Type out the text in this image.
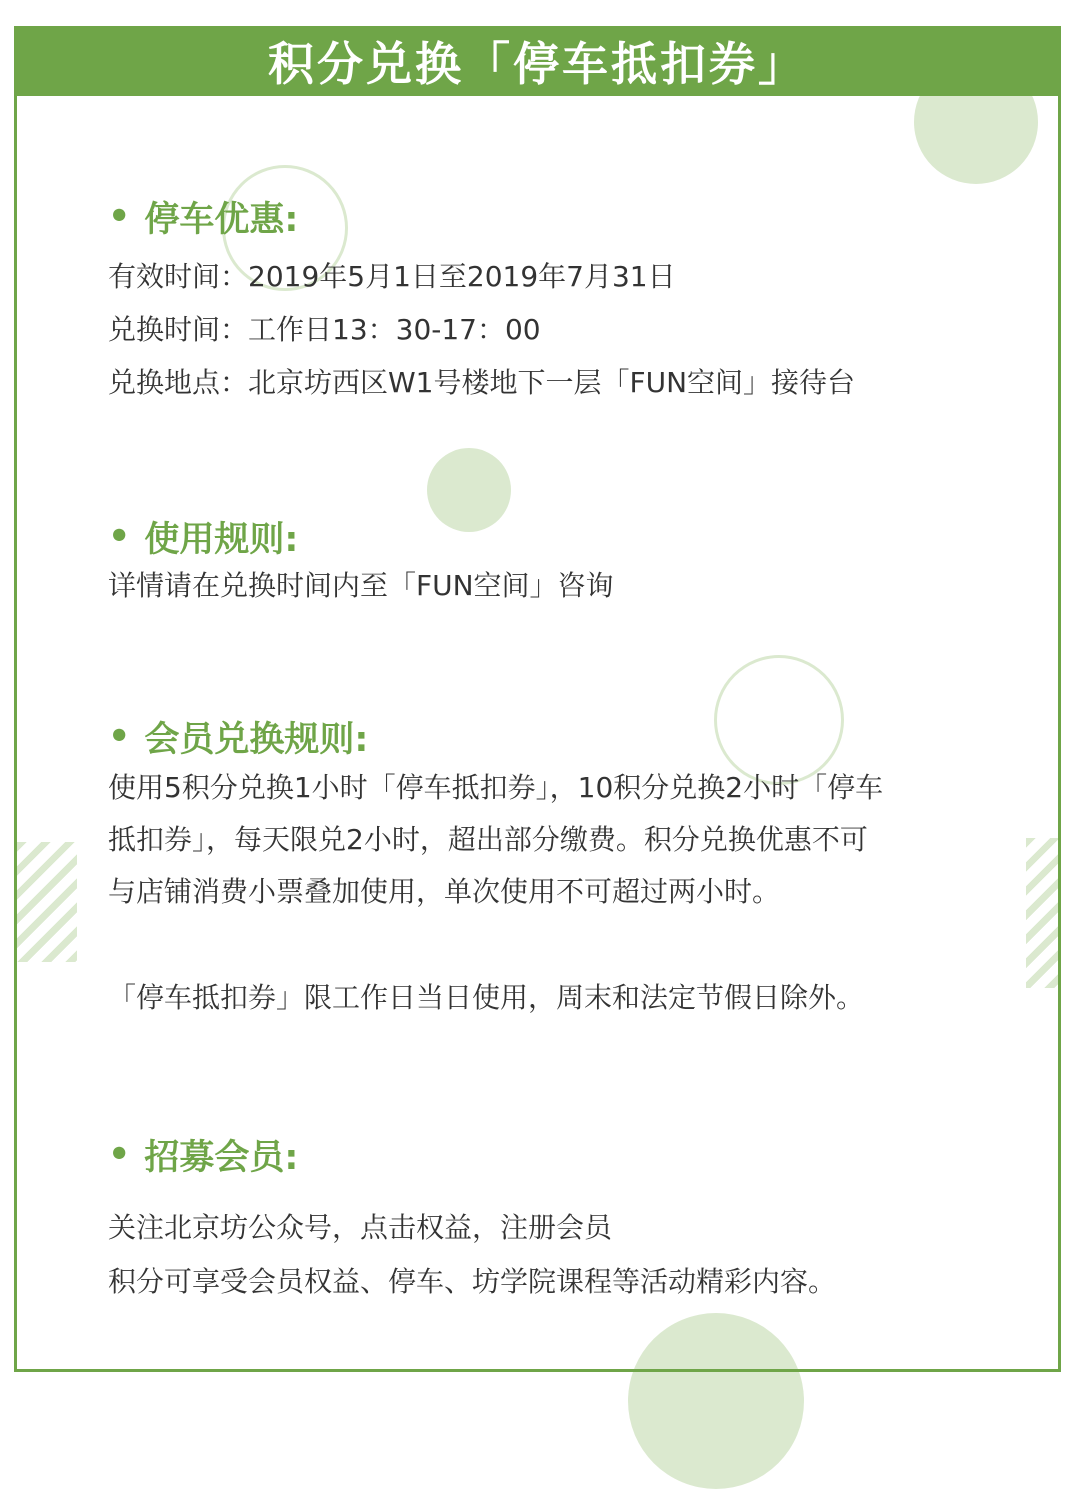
积分兑换「停车抵扣券」
• 停车优惠:
有效时间：2019年5月1日至2019年7月31日
兑换时间：工作日13：30-17：00
兑换地点：北京坊西区W1号楼地下一层「FUN空间」接待台
• 使用规则:
详情请在兑换时间内至「FUN空间」咨询
• 会员兑换规则:
使用5积分兑换1小时「停车抵扣券」，10积分兑换2小时「停车
抵扣券」，每天限兑2小时，超出部分缴费。积分兑换优惠不可
与店铺消费小票叠加使用，单次使用不可超过两小时。
「停车抵扣券」限工作日当日使用，周末和法定节假日除外。
• 招募会员:
关注北京坊公众号，点击权益，注册会员
积分可享受会员权益、停车、坊学院课程等活动精彩内容。
